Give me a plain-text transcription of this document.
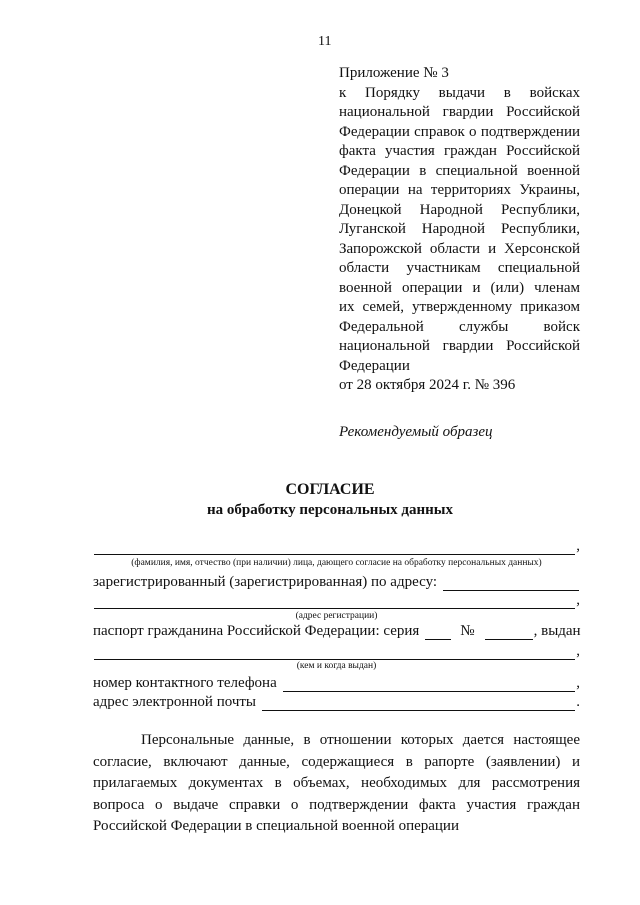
11
Приложение № 3
к Порядку выдачи в войсках
национальной гвардии Российской
Федерации справок о подтверждении
факта участия граждан Российской
Федерации в специальной военной
операции на территориях Украины,
Донецкой Народной Республики,
Луганской Народной Республики,
Запорожской области и Херсонской
области участникам специальной
военной операции и (или) членам
их семей, утвержденному приказом
Федеральной службы войск
национальной гвардии Российской
Федерации
от 28 октября 2024 г. № 396
Рекомендуемый образец
СОГЛАСИЕ
на обработку персональных данных
,
(фамилия, имя, отчество (при наличии) лица, дающего согласие на обработку персональных данных)
зарегистрированный (зарегистрированная) по адресу:
,
(адрес регистрации)
паспорт гражданина Российской Федерации: серия	№	, выдан
,
(кем и когда выдан)
номер контактного телефона	,
адрес электронной почты	.
Персональные данные, в отношении которых дается настоящее согласие, включают данные, содержащиеся в рапорте (заявлении) и прилагаемых документах в объемах, необходимых для рассмотрения вопроса о выдаче справки о подтверждении факта участия граждан Российской Федерации в специальной военной операции
